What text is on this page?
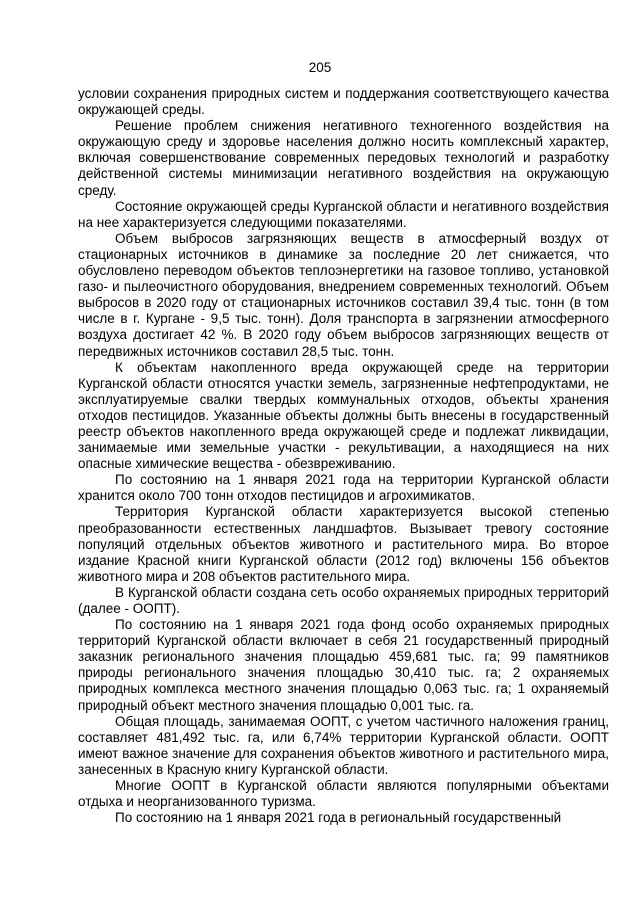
205

условии сохранения природных систем и поддержания соответствующего качества окружающей среды.

Решение проблем снижения негативного техногенного воздействия на окружающую среду и здоровье населения должно носить комплексный характер, включая совершенствование современных передовых технологий и разработку действенной системы минимизации негативного воздействия на окружающую среду.

Состояние окружающей среды Курганской области и негативного воздействия на нее характеризуется следующими показателями.

Объем выбросов загрязняющих веществ в атмосферный воздух от стационарных источников в динамике за последние 20 лет снижается, что обусловлено переводом объектов теплоэнергетики на газовое топливо, установкой газо- и пылеочистного оборудования, внедрением современных технологий. Объем выбросов в 2020 году от стационарных источников составил 39,4 тыс. тонн (в том числе в г. Кургане - 9,5 тыс. тонн). Доля транспорта в загрязнении атмосферного воздуха достигает 42 %. В 2020 году объем выбросов загрязняющих веществ от передвижных источников составил 28,5 тыс. тонн.

К объектам накопленного вреда окружающей среде на территории Курганской области относятся участки земель, загрязненные нефтепродуктами, не эксплуатируемые свалки твердых коммунальных отходов, объекты хранения отходов пестицидов. Указанные объекты должны быть внесены в государственный реестр объектов накопленного вреда окружающей среде и подлежат ликвидации, занимаемые ими земельные участки - рекультивации, а находящиеся на них опасные химические вещества - обезвреживанию.

По состоянию на 1 января 2021 года на территории Курганской области хранится около 700 тонн отходов пестицидов и агрохимикатов.

Территория Курганской области характеризуется высокой степенью преобразованности естественных ландшафтов. Вызывает тревогу состояние популяций отдельных объектов животного и растительного мира. Во второе издание Красной книги Курганской области (2012 год) включены 156 объектов животного мира и 208 объектов растительного мира.

В Курганской области создана сеть особо охраняемых природных территорий (далее - ООПТ).

По состоянию на 1 января 2021 года фонд особо охраняемых природных территорий Курганской области включает в себя 21 государственный природный заказник регионального значения площадью 459,681 тыс. га; 99 памятников природы регионального значения площадью 30,410 тыс. га; 2 охраняемых природных комплекса местного значения площадью 0,063 тыс. га; 1 охраняемый природный объект местного значения площадью 0,001 тыс. га.

Общая площадь, занимаемая ООПТ, с учетом частичного наложения границ, составляет 481,492 тыс. га, или 6,74% территории Курганской области. ООПТ имеют важное значение для сохранения объектов животного и растительного мира, занесенных в Красную книгу Курганской области.

Многие ООПТ в Курганской области являются популярными объектами отдыха и неорганизованного туризма.

По состоянию на 1 января 2021 года в региональный государственный
